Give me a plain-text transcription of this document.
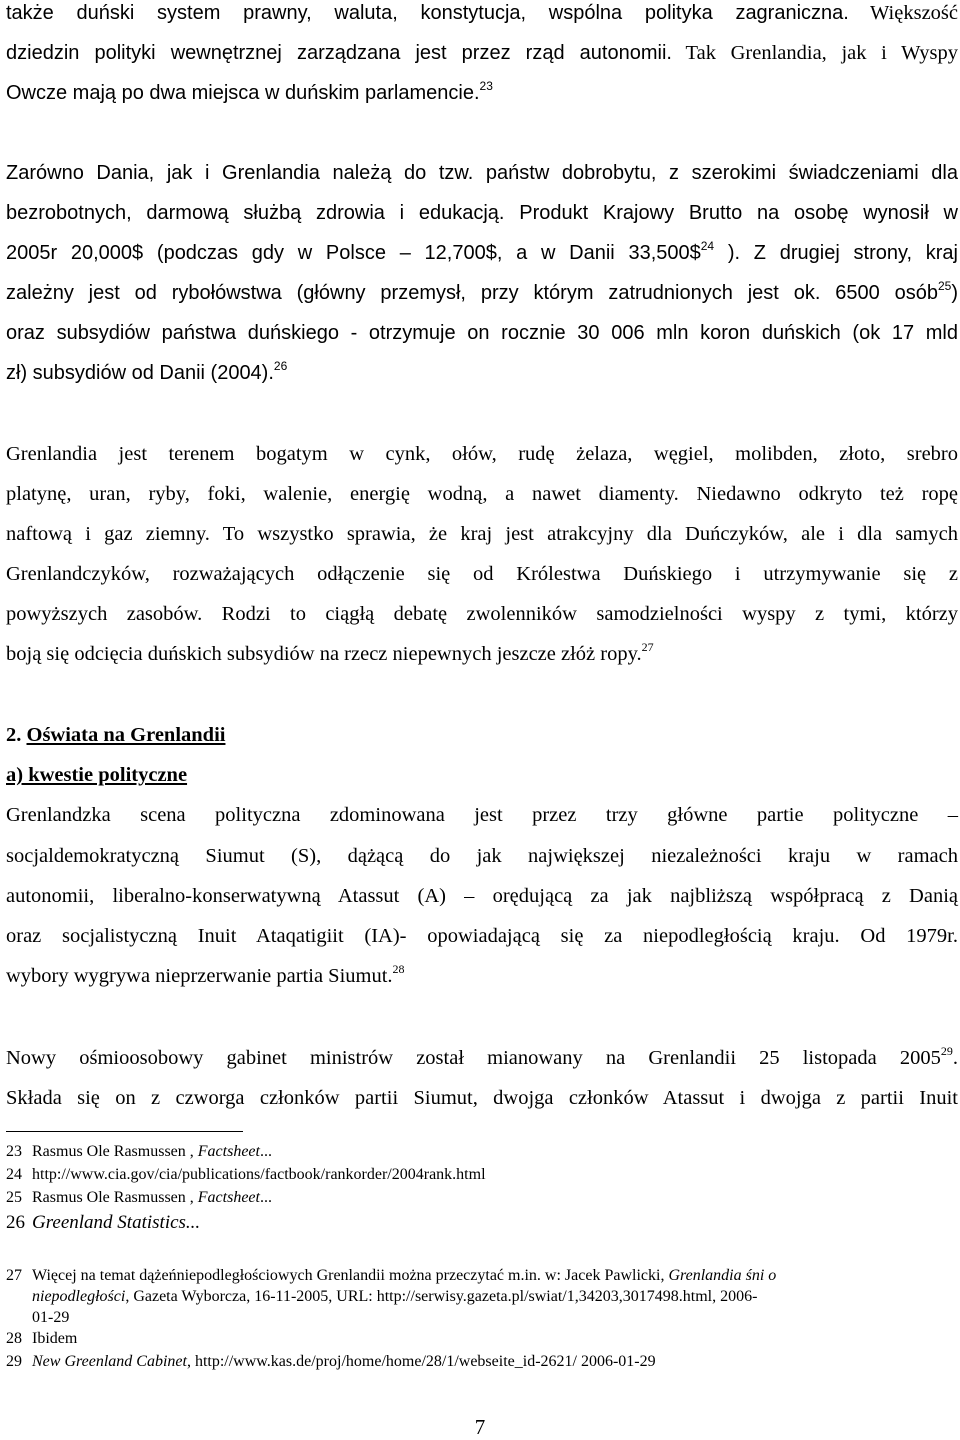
także duński system prawny, waluta, konstytucja, wspólna polityka zagraniczna. Większość
dziedzin polityki wewnętrznej zarządzana jest przez rząd autonomii. Tak Grenlandia, jak i Wyspy
Owcze mają po dwa miejsca w duńskim parlamencie.$^{23}$
Zarówno Dania, jak i Grenlandia należą do tzw. państw dobrobytu, z szerokimi świadczeniami dla
bezrobotnych, darmową służbą zdrowia i edukacją. Produkt Krajowy Brutto na osobę wynosił w
2005r 20,000$ (podczas gdy w Polsce – 12,700$, a w Danii 33,500\$$^{24}$ ). Z drugiej strony, kraj
zależny jest od rybołówstwa (główny przemysł, przy którym zatrudnionych jest ok. 6500 osób$^{25}$)
oraz subsydiów państwa duńskiego - otrzymuje on rocznie 30 006 mln koron duńskich (ok 17 mld
zł) subsydiów od Danii (2004).$^{26}$
Grenlandia jest terenem bogatym w cynk, ołów, rudę żelaza, węgiel, molibden, złoto, srebro
platynę, uran, ryby, foki, walenie, energię wodną, a nawet diamenty. Niedawno odkryto też ropę
naftową i gaz ziemny. To wszystko sprawia, że kraj jest atrakcyjny dla Duńczyków, ale i dla samych
Grenlandczyków, rozważających odłączenie się od Królestwa Duńskiego i utrzymywanie się z
powyższych zasobów. Rodzi to ciągłą debatę zwolenników samodzielności wyspy z tymi, którzy
boją się odcięcia duńskich subsydiów na rzecz niepewnych jeszcze złóż ropy.$^{27}$
2. Oświata na Grenlandii
a) kwestie polityczne
Grenlandzka scena polityczna zdominowana jest przez trzy główne partie polityczne –
socjaldemokratyczną Siumut (S), dążącą do jak największej niezależności kraju w ramach
autonomii, liberalno-konserwatywną Atassut (A) – orędującą za jak najbliższą współpracą z Danią
oraz socjalistyczną Inuit Ataqatigiit (IA)- opowiadającą się za niepodległością kraju. Od 1979r.
wybory wygrywa nieprzerwanie partia Siumut.$^{28}$
Nowy ośmioosobowy gabinet ministrów został mianowany na Grenlandii 25 listopada 2005$^{29}$.
Składa się on z czworga członków partii Siumut, dwojga członków Atassut i dwojga z partii Inuit
23 Rasmus Ole Rasmussen , Factsheet...
24 http://www.cia.gov/cia/publications/factbook/rankorder/2004rank.html
25 Rasmus Ole Rasmussen , Factsheet...
26 Greenland Statistics...
27 Więcej na temat dążeńniepodległościowych Grenlandii można przeczytać m.in. w: Jacek Pawlicki, Grenlandia śni o
niepodległości, Gazeta Wyborcza, 16-11-2005, URL: http://serwisy.gazeta.pl/swiat/1,34203,3017498.html, 2006-
01-29
28 Ibidem
29 New Greenland Cabinet, http://www.kas.de/proj/home/home/28/1/webseite_id-2621/ 2006-01-29
7
